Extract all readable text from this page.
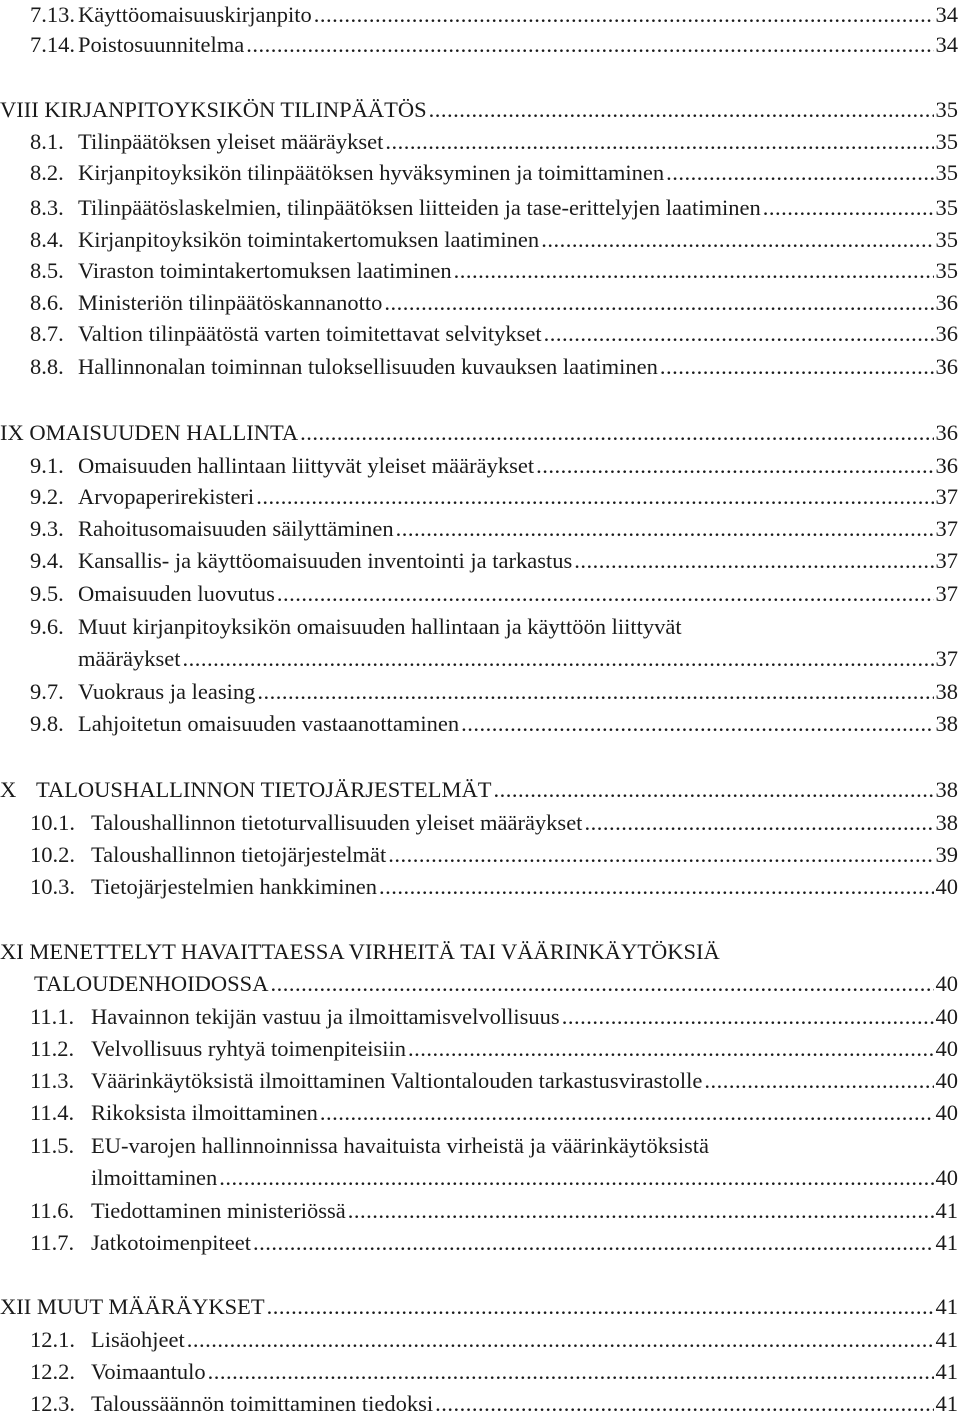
7.13. Käyttöomaisuuskirjanpito .....	34
7.14. Poistosuunnitelma .....	34
VIII KIRJANPITOYKSIKÖN TILINPÄÄTÖS .....	35
8.1. Tilinpäätöksen yleiset määräykset .....	35
8.2. Kirjanpitoyksikön tilinpäätöksen hyväksyminen ja toimittaminen .....	35
8.3. Tilinpäätöslaskelmien, tilinpäätöksen liitteiden ja tase-erittelyjen laatiminen .....	35
8.4. Kirjanpitoyksikön toimintakertomuksen laatiminen .....	35
8.5. Viraston toimintakertomuksen laatiminen .....	35
8.6. Ministeriön tilinpäätöskannanotto .....	36
8.7. Valtion tilinpäätöstä varten toimitettavat selvitykset .....	36
8.8. Hallinnonalan toiminnan tuloksellisuuden kuvauksen laatiminen .....	36
IX OMAISUUDEN HALLINTA .....	36
9.1. Omaisuuden hallintaan liittyvät yleiset määräykset .....	36
9.2. Arvopaperirekisteri .....	37
9.3. Rahoitusomaisuuden säilyttäminen .....	37
9.4. Kansallis- ja käyttöomaisuuden inventointi ja tarkastus .....	37
9.5. Omaisuuden luovutus .....	37
9.6. Muut kirjanpitoyksikön omaisuuden hallintaan ja käyttöön liittyvät
määräykset .....	37
9.7. Vuokraus ja leasing .....	38
9.8. Lahjoitetun omaisuuden vastaanottaminen .....	38
X TALOUSHALLINNON TIETOJÄRJESTELMÄT .....	38
10.1. Taloushallinnon tietoturvallisuuden yleiset määräykset .....	38
10.2. Taloushallinnon tietojärjestelmät .....	39
10.3. Tietojärjestelmien hankkiminen .....	40
XI MENETTELYT HAVAITTAESSA VIRHEITÄ TAI VÄÄRINKÄYTÖKSIÄ
TALOUDENHOIDOSSA .....	40
11.1. Havainnon tekijän vastuu ja ilmoittamisvelvollisuus .....	40
11.2. Velvollisuus ryhtyä toimenpiteisiin .....	40
11.3. Väärinkäytöksistä ilmoittaminen Valtiontalouden tarkastusvirastolle .....	40
11.4. Rikoksista ilmoittaminen .....	40
11.5. EU-varojen hallinnoinnissa havaituista virheistä ja väärinkäytöksistä
ilmoittaminen .....	40
11.6. Tiedottaminen ministeriössä .....	41
11.7. Jatkotoimenpiteet .....	41
XII MUUT MÄÄRÄYKSET .....	41
12.1. Lisäohjeet .....	41
12.2. Voimaantulo .....	41
12.3. Taloussäännön toimittaminen tiedoksi .....	41
